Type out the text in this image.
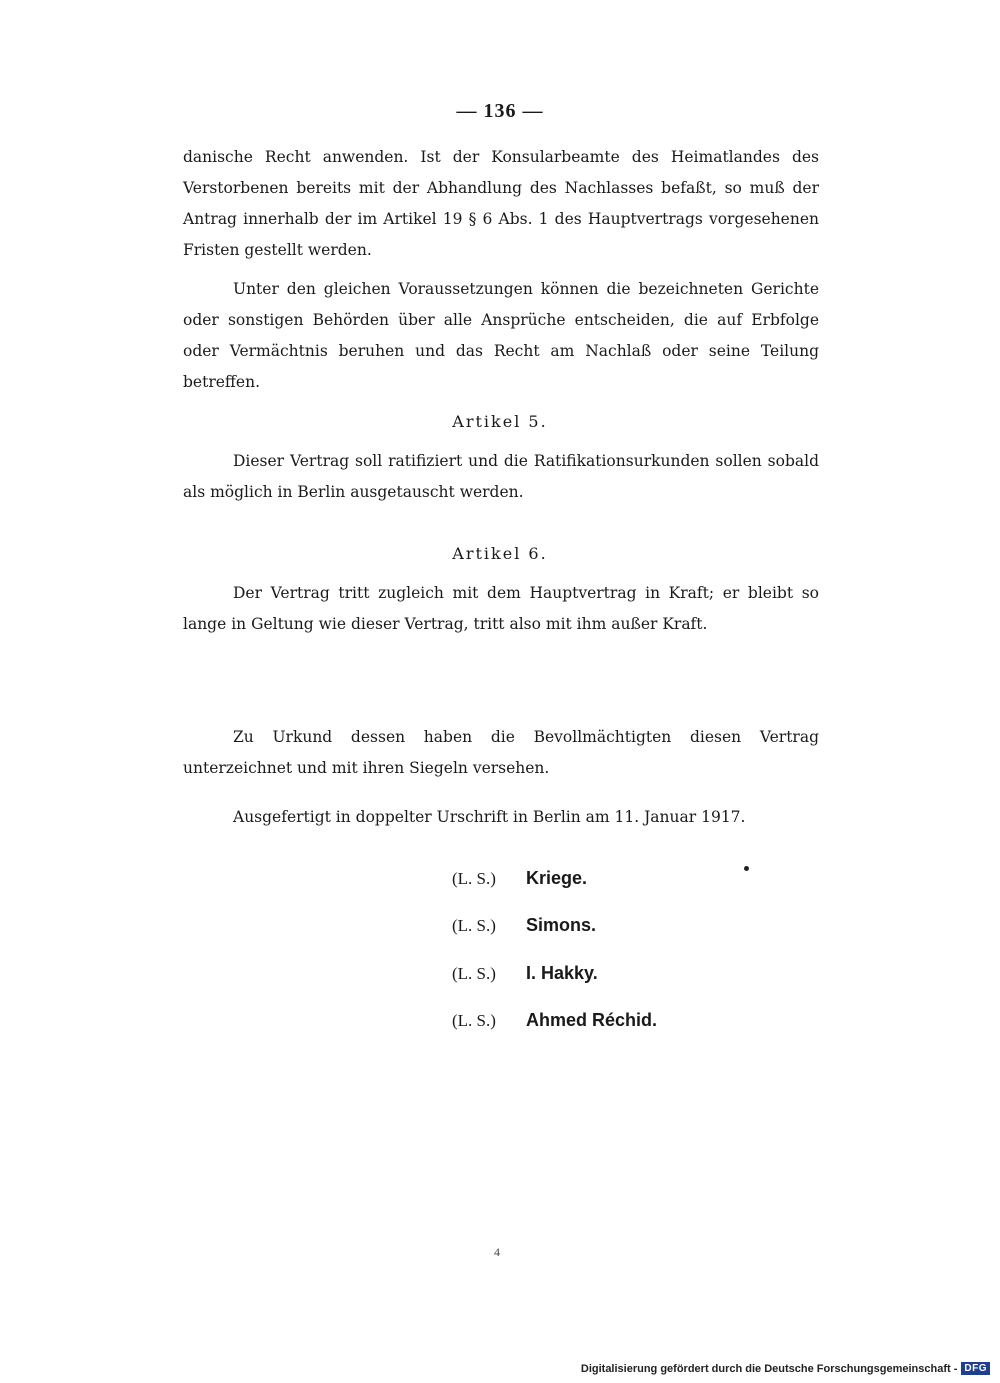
— 136 —

danische Recht anwenden. Ist der Konsularbeamte des Heimatlandes des Verstorbenen bereits mit der Abhandlung des Nachlasses befaßt, so muß der Antrag innerhalb der im Artikel 19 § 6 Abs. 1 des Hauptvertrags vorgesehenen Fristen gestellt werden.

Unter den gleichen Voraussetzungen können die bezeichneten Gerichte oder sonstigen Behörden über alle Ansprüche entscheiden, die auf Erbfolge oder Vermächtnis beruhen und das Recht am Nachlaß oder seine Teilung betreffen.

Artikel 5.

Dieser Vertrag soll ratifiziert und die Ratifikationsurkunden sollen sobald als möglich in Berlin ausgetauscht werden.

Artikel 6.

Der Vertrag tritt zugleich mit dem Hauptvertrag in Kraft; er bleibt so lange in Geltung wie dieser Vertrag, tritt also mit ihm außer Kraft.

Zu Urkund dessen haben die Bevollmächtigten diesen Vertrag unterzeichnet und mit ihren Siegeln versehen.

Ausgefertigt in doppelter Urschrift in Berlin am 11. Januar 1917.

(L. S.)	Kriege.
(L. S.)	Simons.
(L. S.)	I. Hakky.
(L. S.)	Ahmed Réchid.
4
Digitalisierung gefördert durch die Deutsche Forschungsgemeinschaft - DFG
